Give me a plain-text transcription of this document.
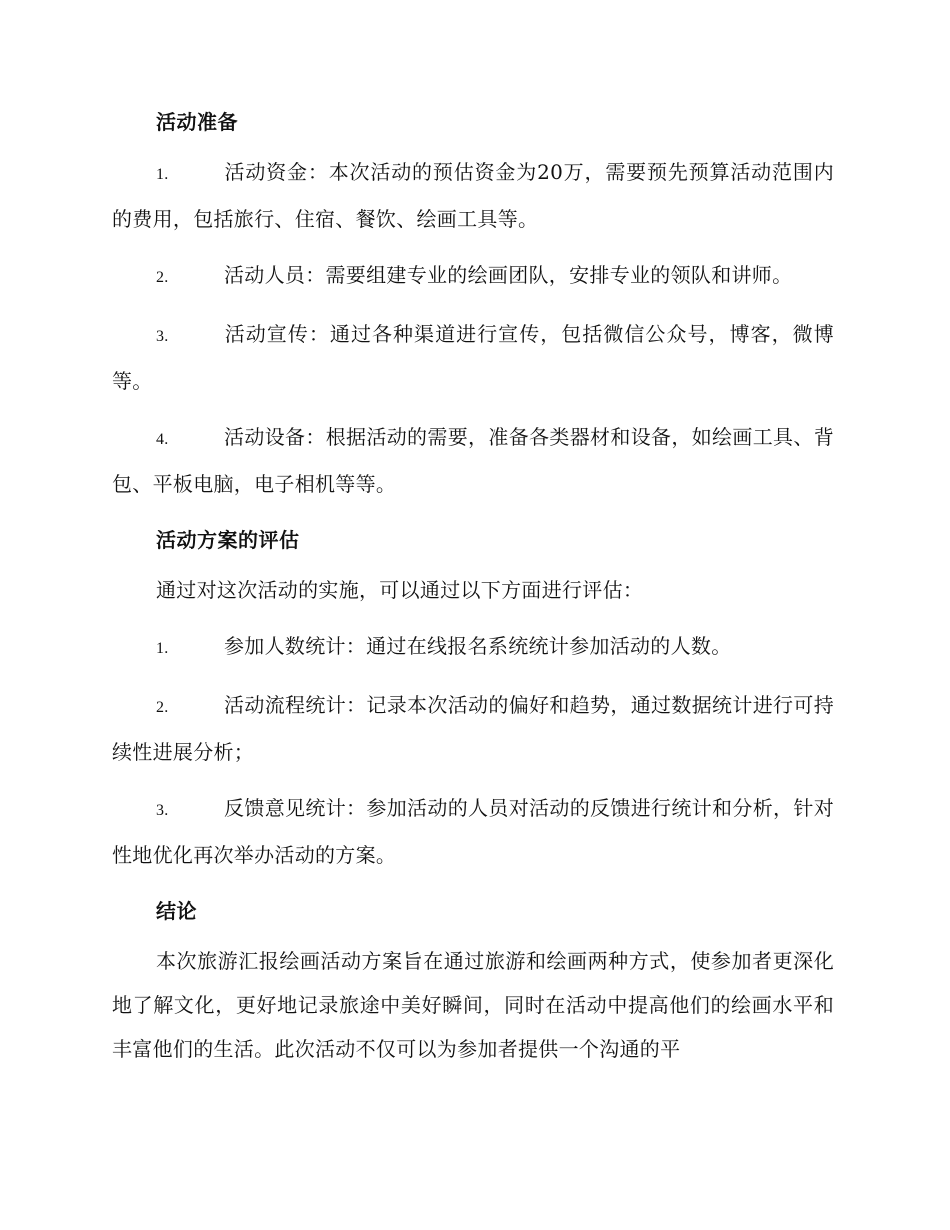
活动准备
1.	活动资金：本次活动的预估资金为20万，需要预先预算活动范围内的费用，包括旅行、住宿、餐饮、绘画工具等。
2.	活动人员：需要组建专业的绘画团队，安排专业的领队和讲师。
3.	活动宣传：通过各种渠道进行宣传，包括微信公众号，博客，微博等。
4.	活动设备：根据活动的需要，准备各类器材和设备，如绘画工具、背包、平板电脑，电子相机等等。
活动方案的评估
通过对这次活动的实施，可以通过以下方面进行评估：
1.	参加人数统计：通过在线报名系统统计参加活动的人数。
2.	活动流程统计：记录本次活动的偏好和趋势，通过数据统计进行可持续性进展分析；
3.	反馈意见统计：参加活动的人员对活动的反馈进行统计和分析，针对性地优化再次举办活动的方案。
结论
本次旅游汇报绘画活动方案旨在通过旅游和绘画两种方式，使参加者更深化地了解文化，更好地记录旅途中美好瞬间，同时在活动中提高他们的绘画水平和丰富他们的生活。此次活动不仅可以为参加者提供一个沟通的平
